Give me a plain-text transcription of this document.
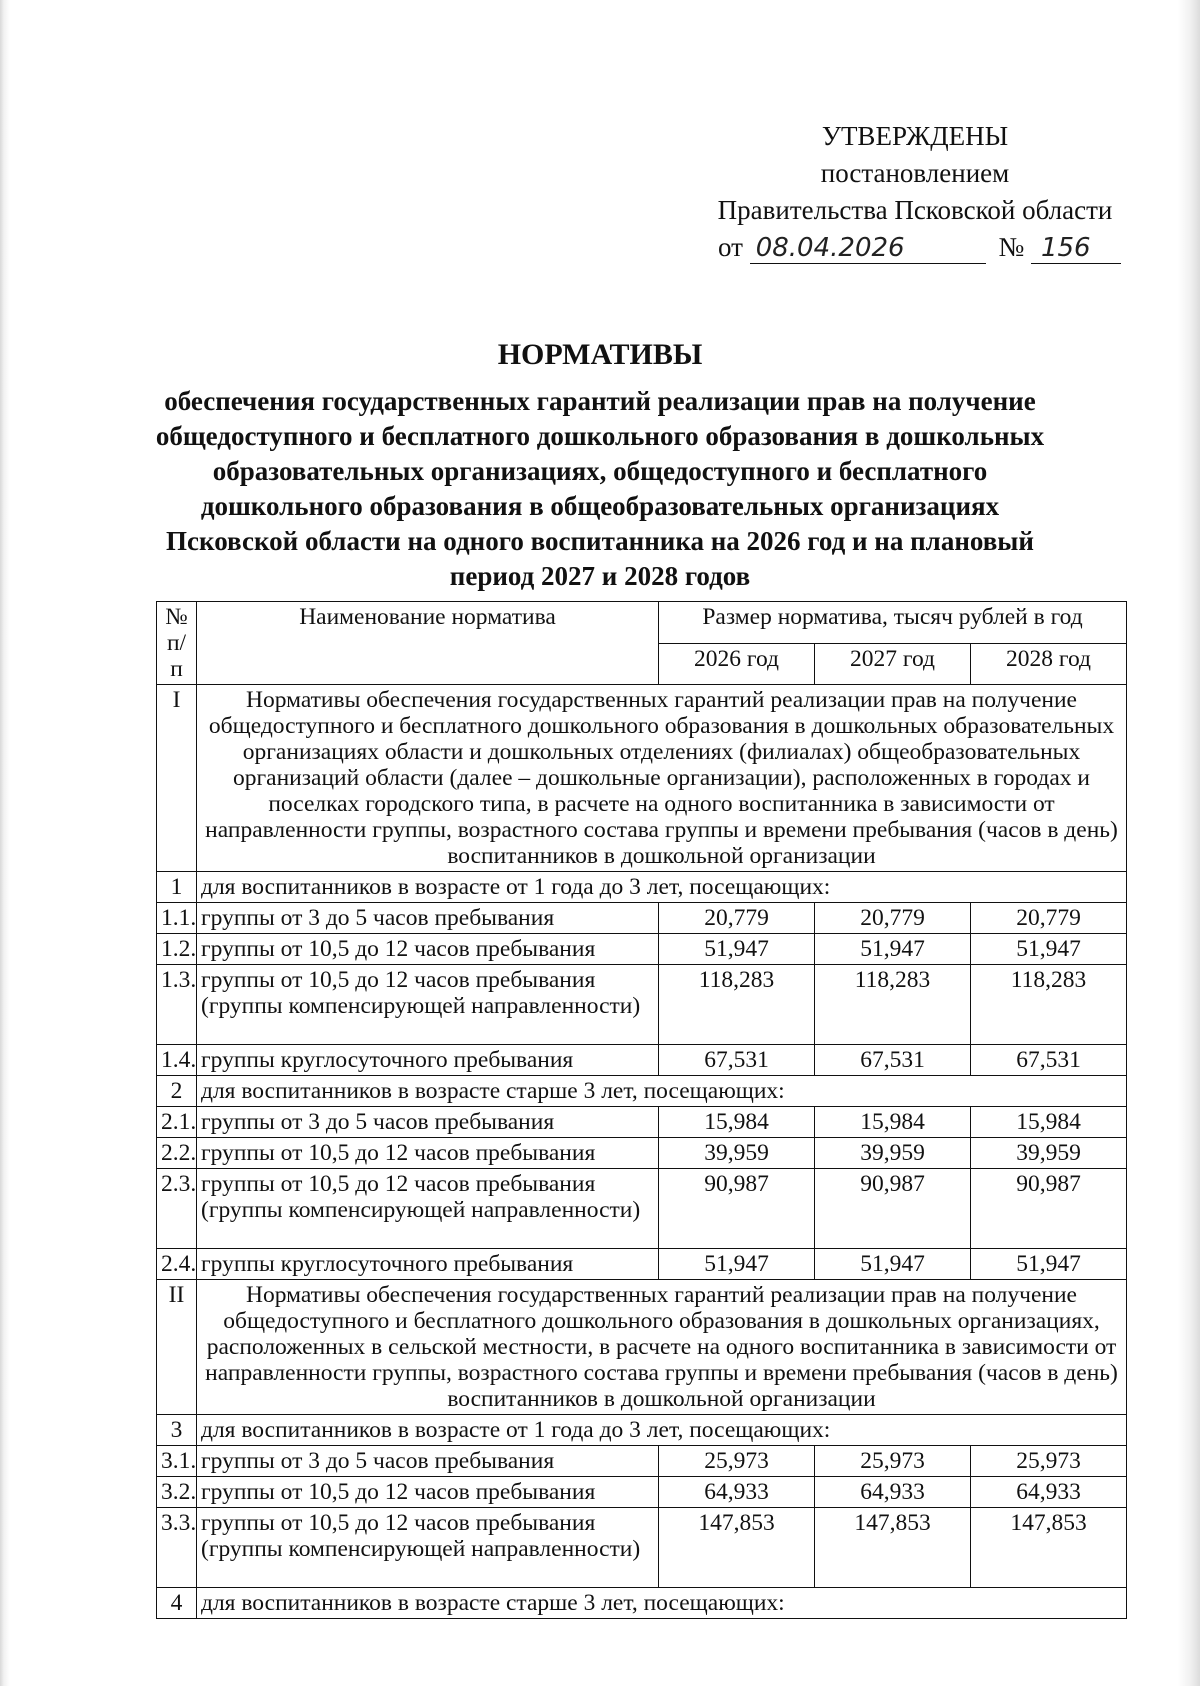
УТВЕРЖДЕНЫ
постановлением
Правительства Псковской области
от 08.04.2026	№ 156
НОРМАТИВЫ
обеспечения государственных гарантий реализации прав на получение общедоступного и бесплатного дошкольного образования в дошкольных образовательных организациях, общедоступного и бесплатного дошкольного образования в общеобразовательных организациях Псковской области на одного воспитанника на 2026 год и на плановый период 2027 и 2028 годов
№ п/п	Наименование норматива	Размер норматива, тысяч рублей в год		
		2026 год	2027 год	2028 год
I	Нормативы обеспечения государственных гарантий реализации прав на получение общедоступного и бесплатного дошкольного образования в дошкольных образовательных организациях области и дошкольных отделениях (филиалах) общеобразовательных организаций области (далее – дошкольные организации), расположенных в городах и поселках городского типа, в расчете на одного воспитанника в зависимости от направленности группы, возрастного состава группы и времени пребывания (часов в день) воспитанников в дошкольной организации			
1	для воспитанников в возрасте от 1 года до 3 лет, посещающих:			
1.1.	группы от 3 до 5 часов пребывания	20,779	20,779	20,779
1.2.	группы от 10,5 до 12 часов пребывания	51,947	51,947	51,947
1.3.	группы от 10,5 до 12 часов пребывания (группы компенсирующей направленности)	118,283	118,283	118,283
1.4.	группы круглосуточного пребывания	67,531	67,531	67,531
2	для воспитанников в возрасте старше 3 лет, посещающих:			
2.1.	группы от 3 до 5 часов пребывания	15,984	15,984	15,984
2.2.	группы от 10,5 до 12 часов пребывания	39,959	39,959	39,959
2.3.	группы от 10,5 до 12 часов пребывания (группы компенсирующей направленности)	90,987	90,987	90,987
2.4.	группы круглосуточного пребывания	51,947	51,947	51,947
II	Нормативы обеспечения государственных гарантий реализации прав на получение общедоступного и бесплатного дошкольного образования в дошкольных организациях, расположенных в сельской местности, в расчете на одного воспитанника в зависимости от направленности группы, возрастного состава группы и времени пребывания (часов в день) воспитанников в дошкольной организации			
3	для воспитанников в возрасте от 1 года до 3 лет, посещающих:			
3.1.	группы от 3 до 5 часов пребывания	25,973	25,973	25,973
3.2.	группы от 10,5 до 12 часов пребывания	64,933	64,933	64,933
3.3.	группы от 10,5 до 12 часов пребывания (группы компенсирующей направленности)	147,853	147,853	147,853
4	для воспитанников в возрасте старше 3 лет, посещающих:			
